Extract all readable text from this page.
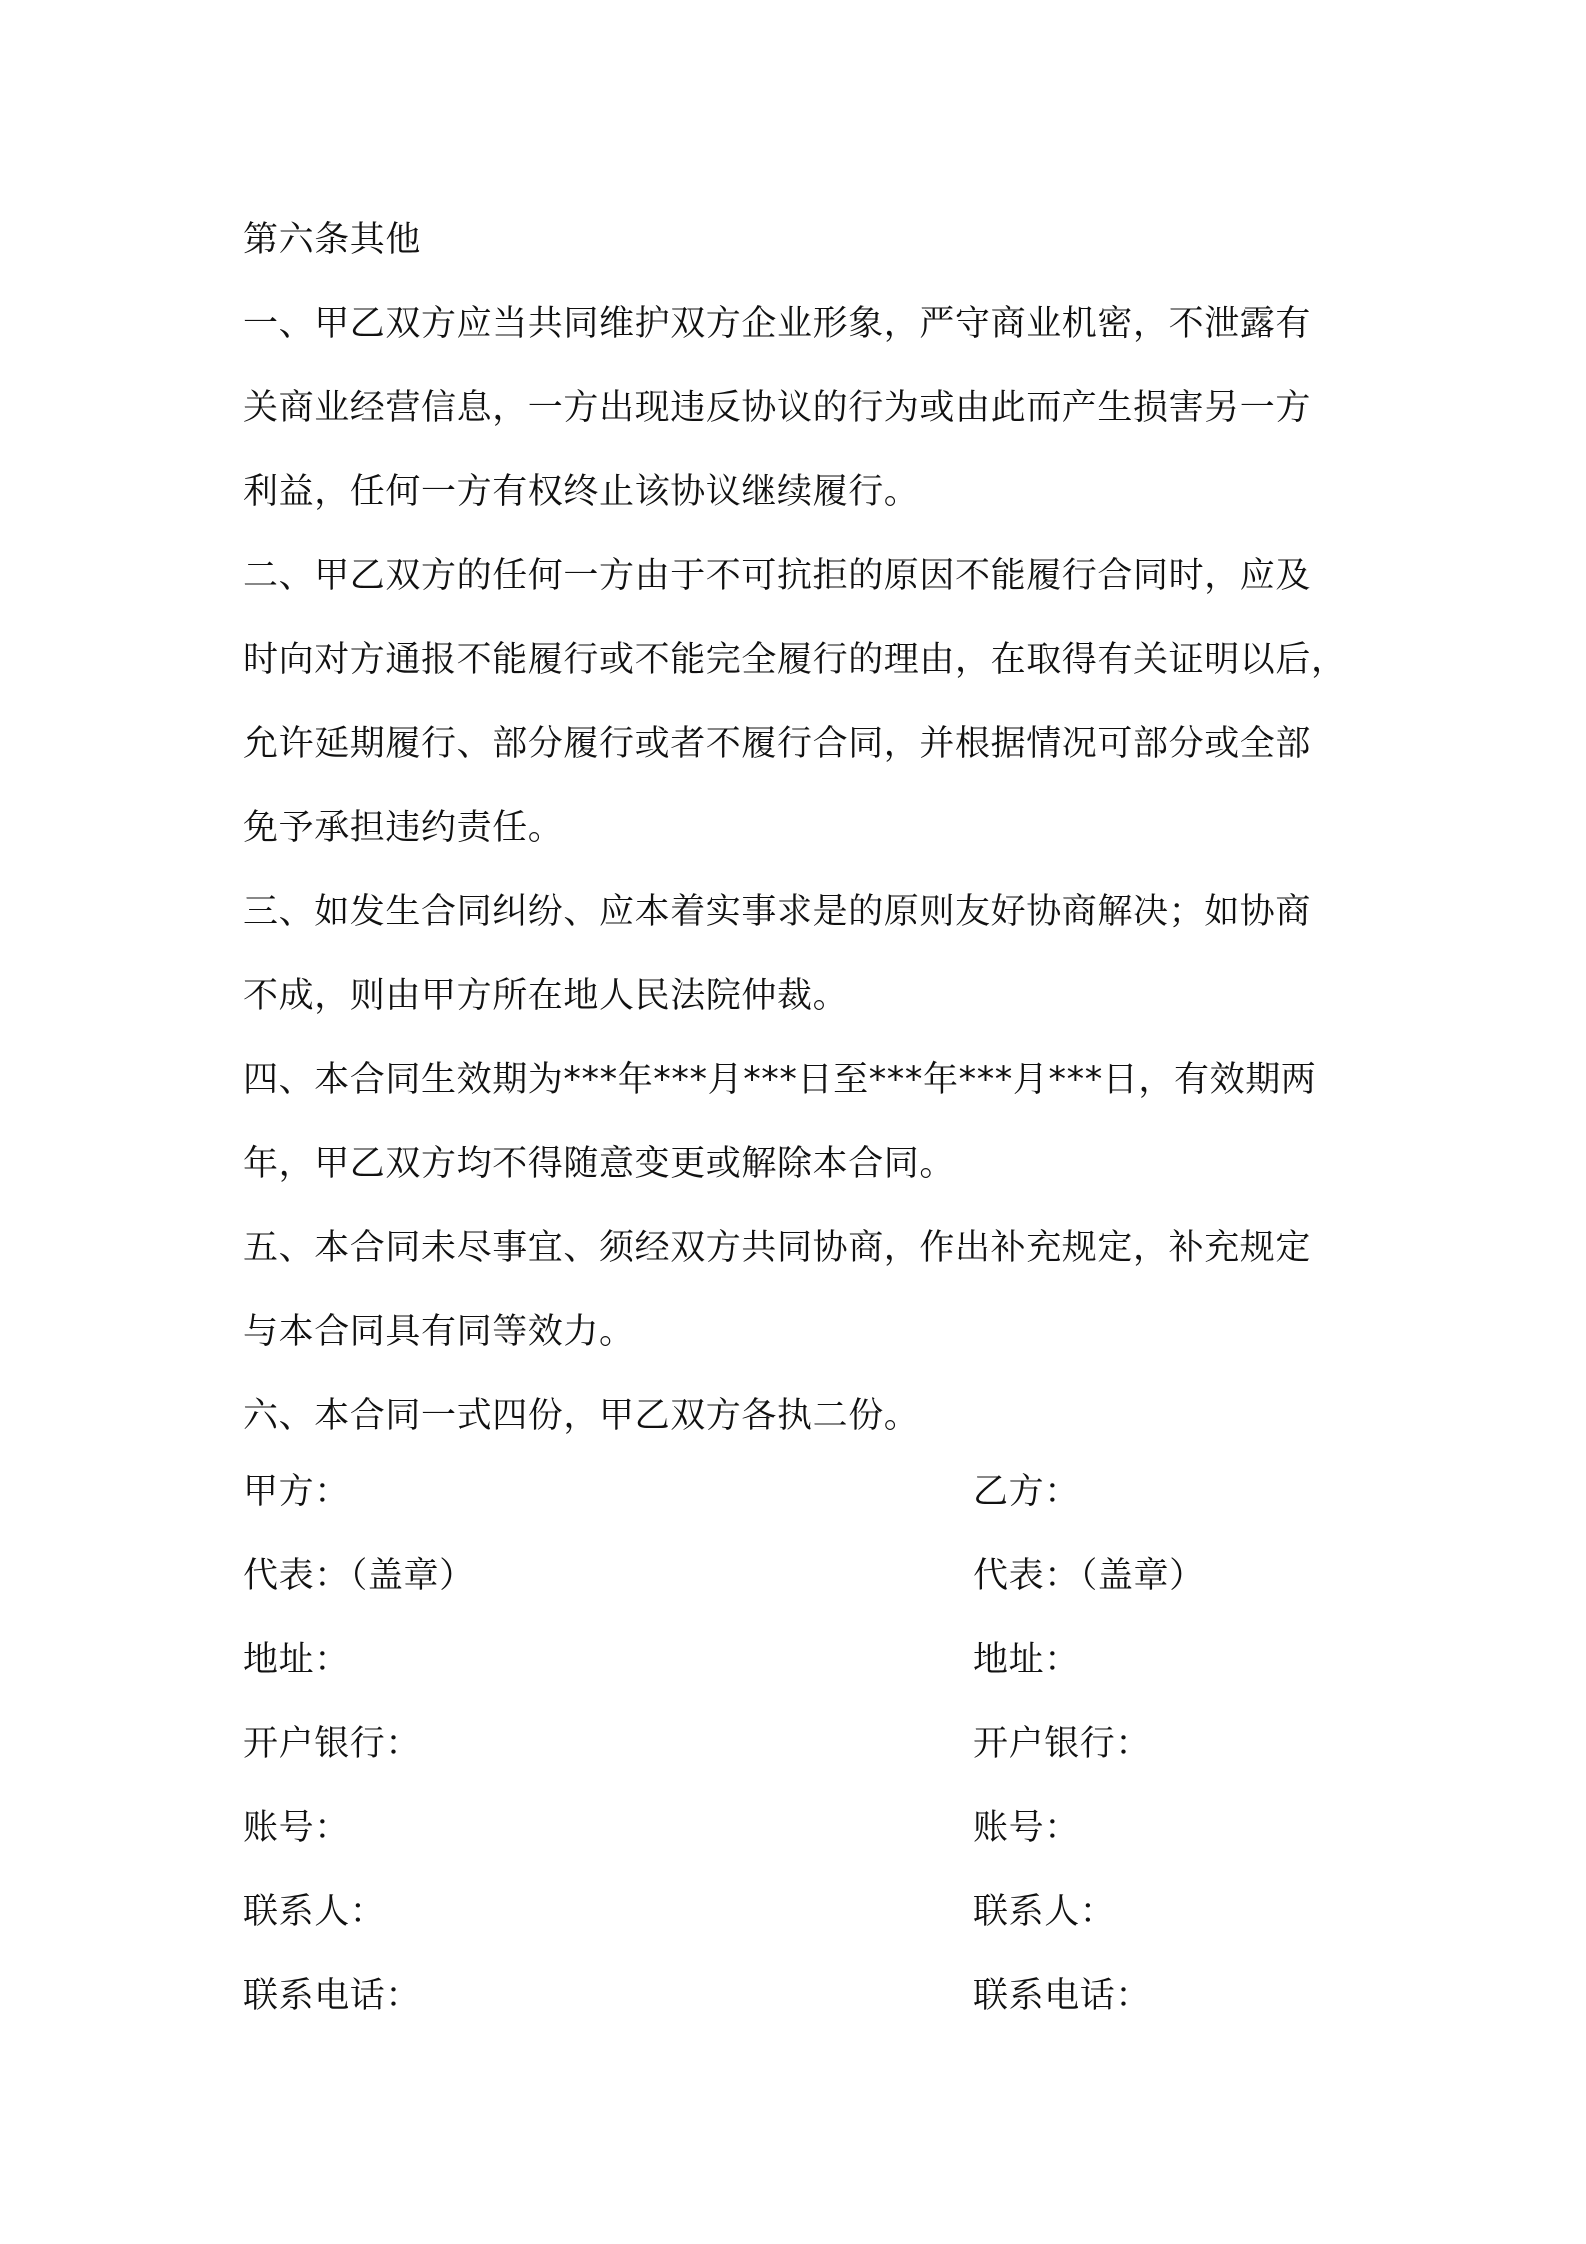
第六条其他
一、甲乙双方应当共同维护双方企业形象，严守商业机密，不泄露有
关商业经营信息，一方出现违反协议的行为或由此而产生损害另一方
利益，任何一方有权终止该协议继续履行。
二、甲乙双方的任何一方由于不可抗拒的原因不能履行合同时，应及
时向对方通报不能履行或不能完全履行的理由，在取得有关证明以后，
允许延期履行、部分履行或者不履行合同，并根据情况可部分或全部
免予承担违约责任。
三、如发生合同纠纷、应本着实事求是的原则友好协商解决；如协商
不成，则由甲方所在地人民法院仲裁。
四、本合同生效期为***年***月***日至***年***月***日，有效期两
年，甲乙双方均不得随意变更或解除本合同。
五、本合同未尽事宜、须经双方共同协商，作出补充规定，补充规定
与本合同具有同等效力。
六、本合同一式四份，甲乙双方各执二份。
甲方：	乙方：
代表：（盖章）	代表：（盖章）
地址：	地址：
开户银行：	开户银行：
账号：	账号：
联系人：	联系人：
联系电话：	联系电话：
